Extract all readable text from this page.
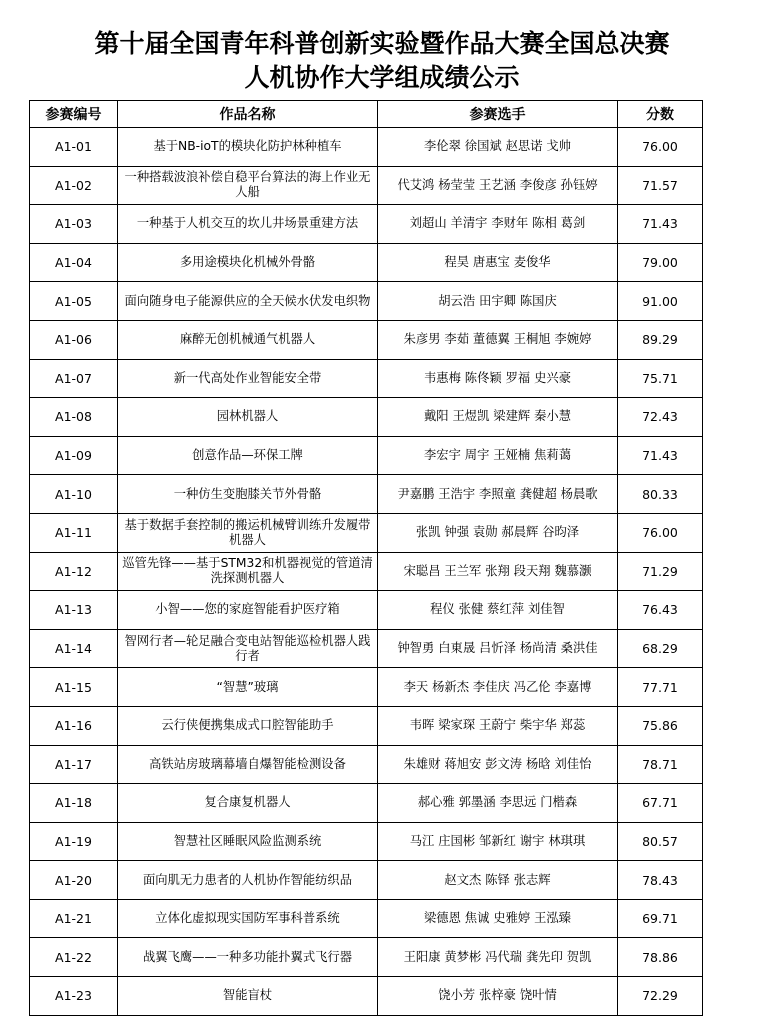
第十届全国青年科普创新实验暨作品大赛全国总决赛
人机协作大学组成绩公示
参赛编号	作品名称	参赛选手	分数
A1-01	基于NB-ioT的模块化防护林种植车	李伦翠 徐国斌 赵思诺 戈帅	76.00
A1-02	一种搭载波浪补偿自稳平台算法的海上作业无人船	代艾鸿 杨莹莹 王艺涵 李俊彦 孙钰婷	71.57
A1-03	一种基于人机交互的坎儿井场景重建方法	刘超山 羊清宇 李财年 陈相 葛剑	71.43
A1-04	多用途模块化机械外骨骼	程昊 唐惠宝 麦俊华	79.00
A1-05	面向随身电子能源供应的全天候水伏发电织物	胡云浩 田宇卿 陈国庆	91.00
A1-06	麻醉无创机械通气机器人	朱彦男 李茹 董德翼 王桐旭 李婉婷	89.29
A1-07	新一代高处作业智能安全带	韦惠梅 陈佟颖 罗福 史兴豪	75.71
A1-08	园林机器人	戴阳 王煜凯 梁建辉 秦小慧	72.43
A1-09	创意作品—环保工牌	李宏宇 周宇 王娅楠 焦莉蔼	71.43
A1-10	一种仿生变胞膝关节外骨骼	尹嘉鹏 王浩宇 李照童 龚健超 杨晨歌	80.33
A1-11	基于数据手套控制的搬运机械臂训练升发履带机器人	张凯 钟强 袁勋 郝晨辉 谷昀泽	76.00
A1-12	巡管先锋——基于STM32和机器视觉的管道清洗探测机器人	宋聪昌 王兰军 张翔 段天翔 魏慕灏	71.29
A1-13	小智——您的家庭智能看护医疗箱	程仪 张健 蔡红萍 刘佳智	76.43
A1-14	智网行者—轮足融合变电站智能巡检机器人践行者	钟智勇 白東晟 吕忻泽 杨尚清 桑洪佳	68.29
A1-15	“智慧”玻璃	李天 杨新杰 李佳庆 冯乙伦 李嘉博	77.71
A1-16	云行侠便携集成式口腔智能助手	韦晖 梁家琛 王蔚宁 柴宇华 郑蕊	75.86
A1-17	高铁站房玻璃幕墙自爆智能检测设备	朱雄财 蒋旭安 彭文涛 杨晗 刘佳怡	78.71
A1-18	复合康复机器人	郝心雅 郭墨涵 李思远 门楷森	67.71
A1-19	智慧社区睡眠风险监测系统	马江 庄国彬 邹新红 谢宇 林琪琪	80.57
A1-20	面向肌无力患者的人机协作智能纺织品	赵文杰 陈铎 张志辉	78.43
A1-21	立体化虚拟现实国防军事科普系统	梁德恩 焦诚 史雅婷 王泓臻	69.71
A1-22	战翼飞鹰——一种多功能扑翼式飞行器	王阳康 黄梦彬 冯代瑞 龚先印 贺凯	78.86
A1-23	智能盲杖	饶小芳 张梓豪 饶叶情	72.29
